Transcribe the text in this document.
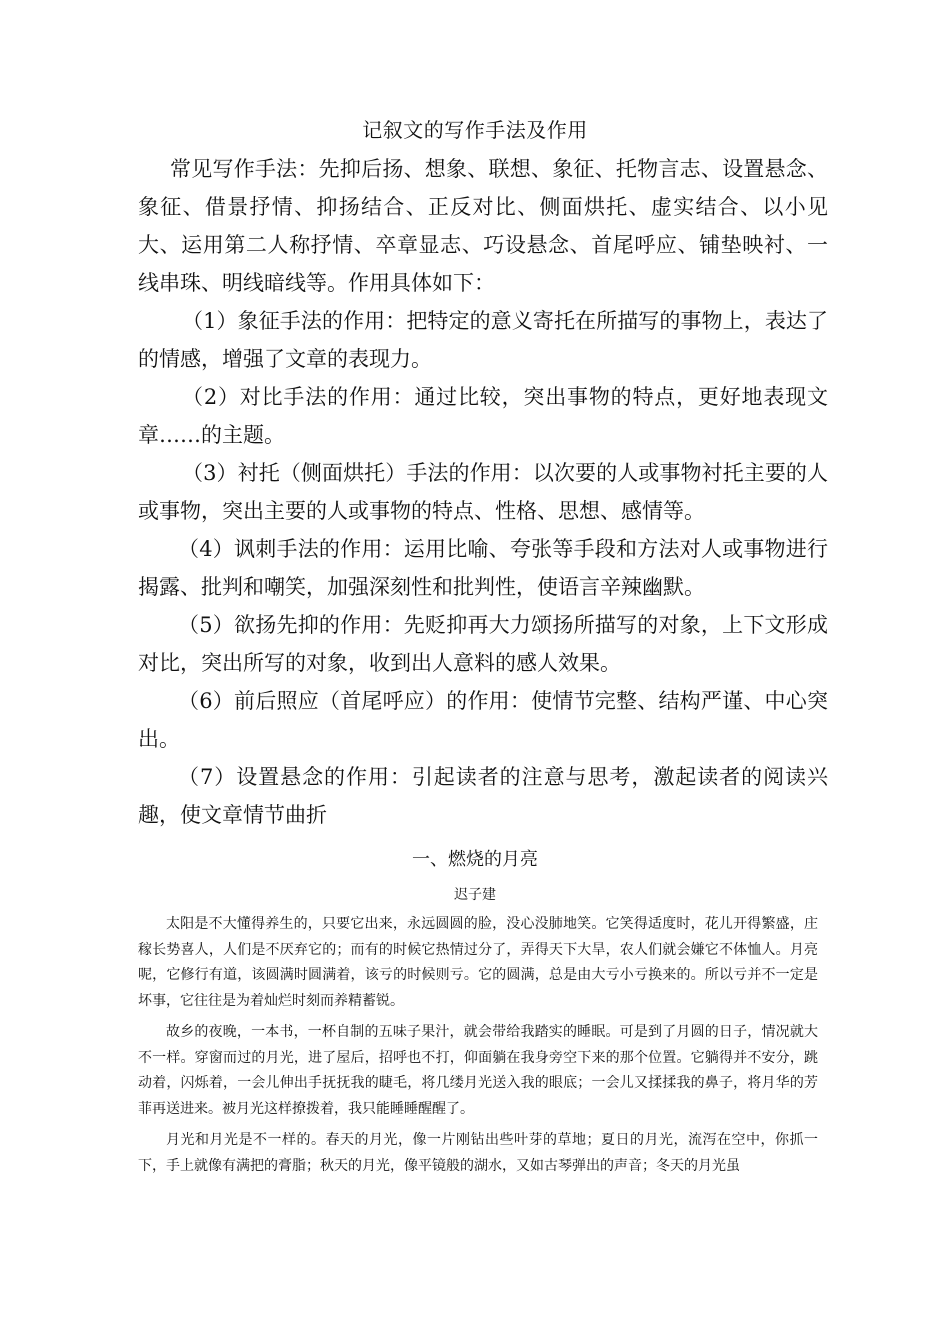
记叙文的写作手法及作用

常见写作手法：先抑后扬、想象、联想、象征、托物言志、设置悬念、象征、借景抒情、抑扬结合、正反对比、侧面烘托、虚实结合、以小见大、运用第二人称抒情、卒章显志、巧设悬念、首尾呼应、铺垫映衬、一线串珠、明线暗线等。作用具体如下：

（1）象征手法的作用：把特定的意义寄托在所描写的事物上，表达了的情感，增强了文章的表现力。

（2）对比手法的作用：通过比较，突出事物的特点，更好地表现文章……的主题。

（3）衬托（侧面烘托）手法的作用：以次要的人或事物衬托主要的人或事物，突出主要的人或事物的特点、性格、思想、感情等。

（4）讽刺手法的作用：运用比喻、夸张等手段和方法对人或事物进行揭露、批判和嘲笑，加强深刻性和批判性，使语言辛辣幽默。

（5）欲扬先抑的作用：先贬抑再大力颂扬所描写的对象，上下文形成对比，突出所写的对象，收到出人意料的感人效果。

（6）前后照应（首尾呼应）的作用：使情节完整、结构严谨、中心突出。

（7）设置悬念的作用：引起读者的注意与思考，激起读者的阅读兴趣，使文章情节曲折

一、燃烧的月亮
迟子建

太阳是不大懂得养生的，只要它出来，永远圆圆的脸，没心没肺地笑。它笑得适度时，花儿开得繁盛，庄稼长势喜人，人们是不厌弃它的；而有的时候它热情过分了，弄得天下大旱，农人们就会嫌它不体恤人。月亮呢，它修行有道，该圆满时圆满着，该亏的时候则亏。它的圆满，总是由大亏小亏换来的。所以亏并不一定是坏事，它往往是为着灿烂时刻而养精蓄锐。

故乡的夜晚，一本书，一杯自制的五味子果汁，就会带给我踏实的睡眠。可是到了月圆的日子，情况就大不一样。穿窗而过的月光，进了屋后，招呼也不打，仰面躺在我身旁空下来的那个位置。它躺得并不安分，跳动着，闪烁着，一会儿伸出手抚抚我的睫毛，将几缕月光送入我的眼底；一会儿又揉揉我的鼻子，将月华的芳菲再送进来。被月光这样撩拨着，我只能睡睡醒醒了。

月光和月光是不一样的。春天的月光，像一片刚钻出些叶芽的草地；夏日的月光，流泻在空中，你抓一下，手上就像有满把的膏脂；秋天的月光，像平镜般的湖水，又如古琴弹出的声音；冬天的月光虽
